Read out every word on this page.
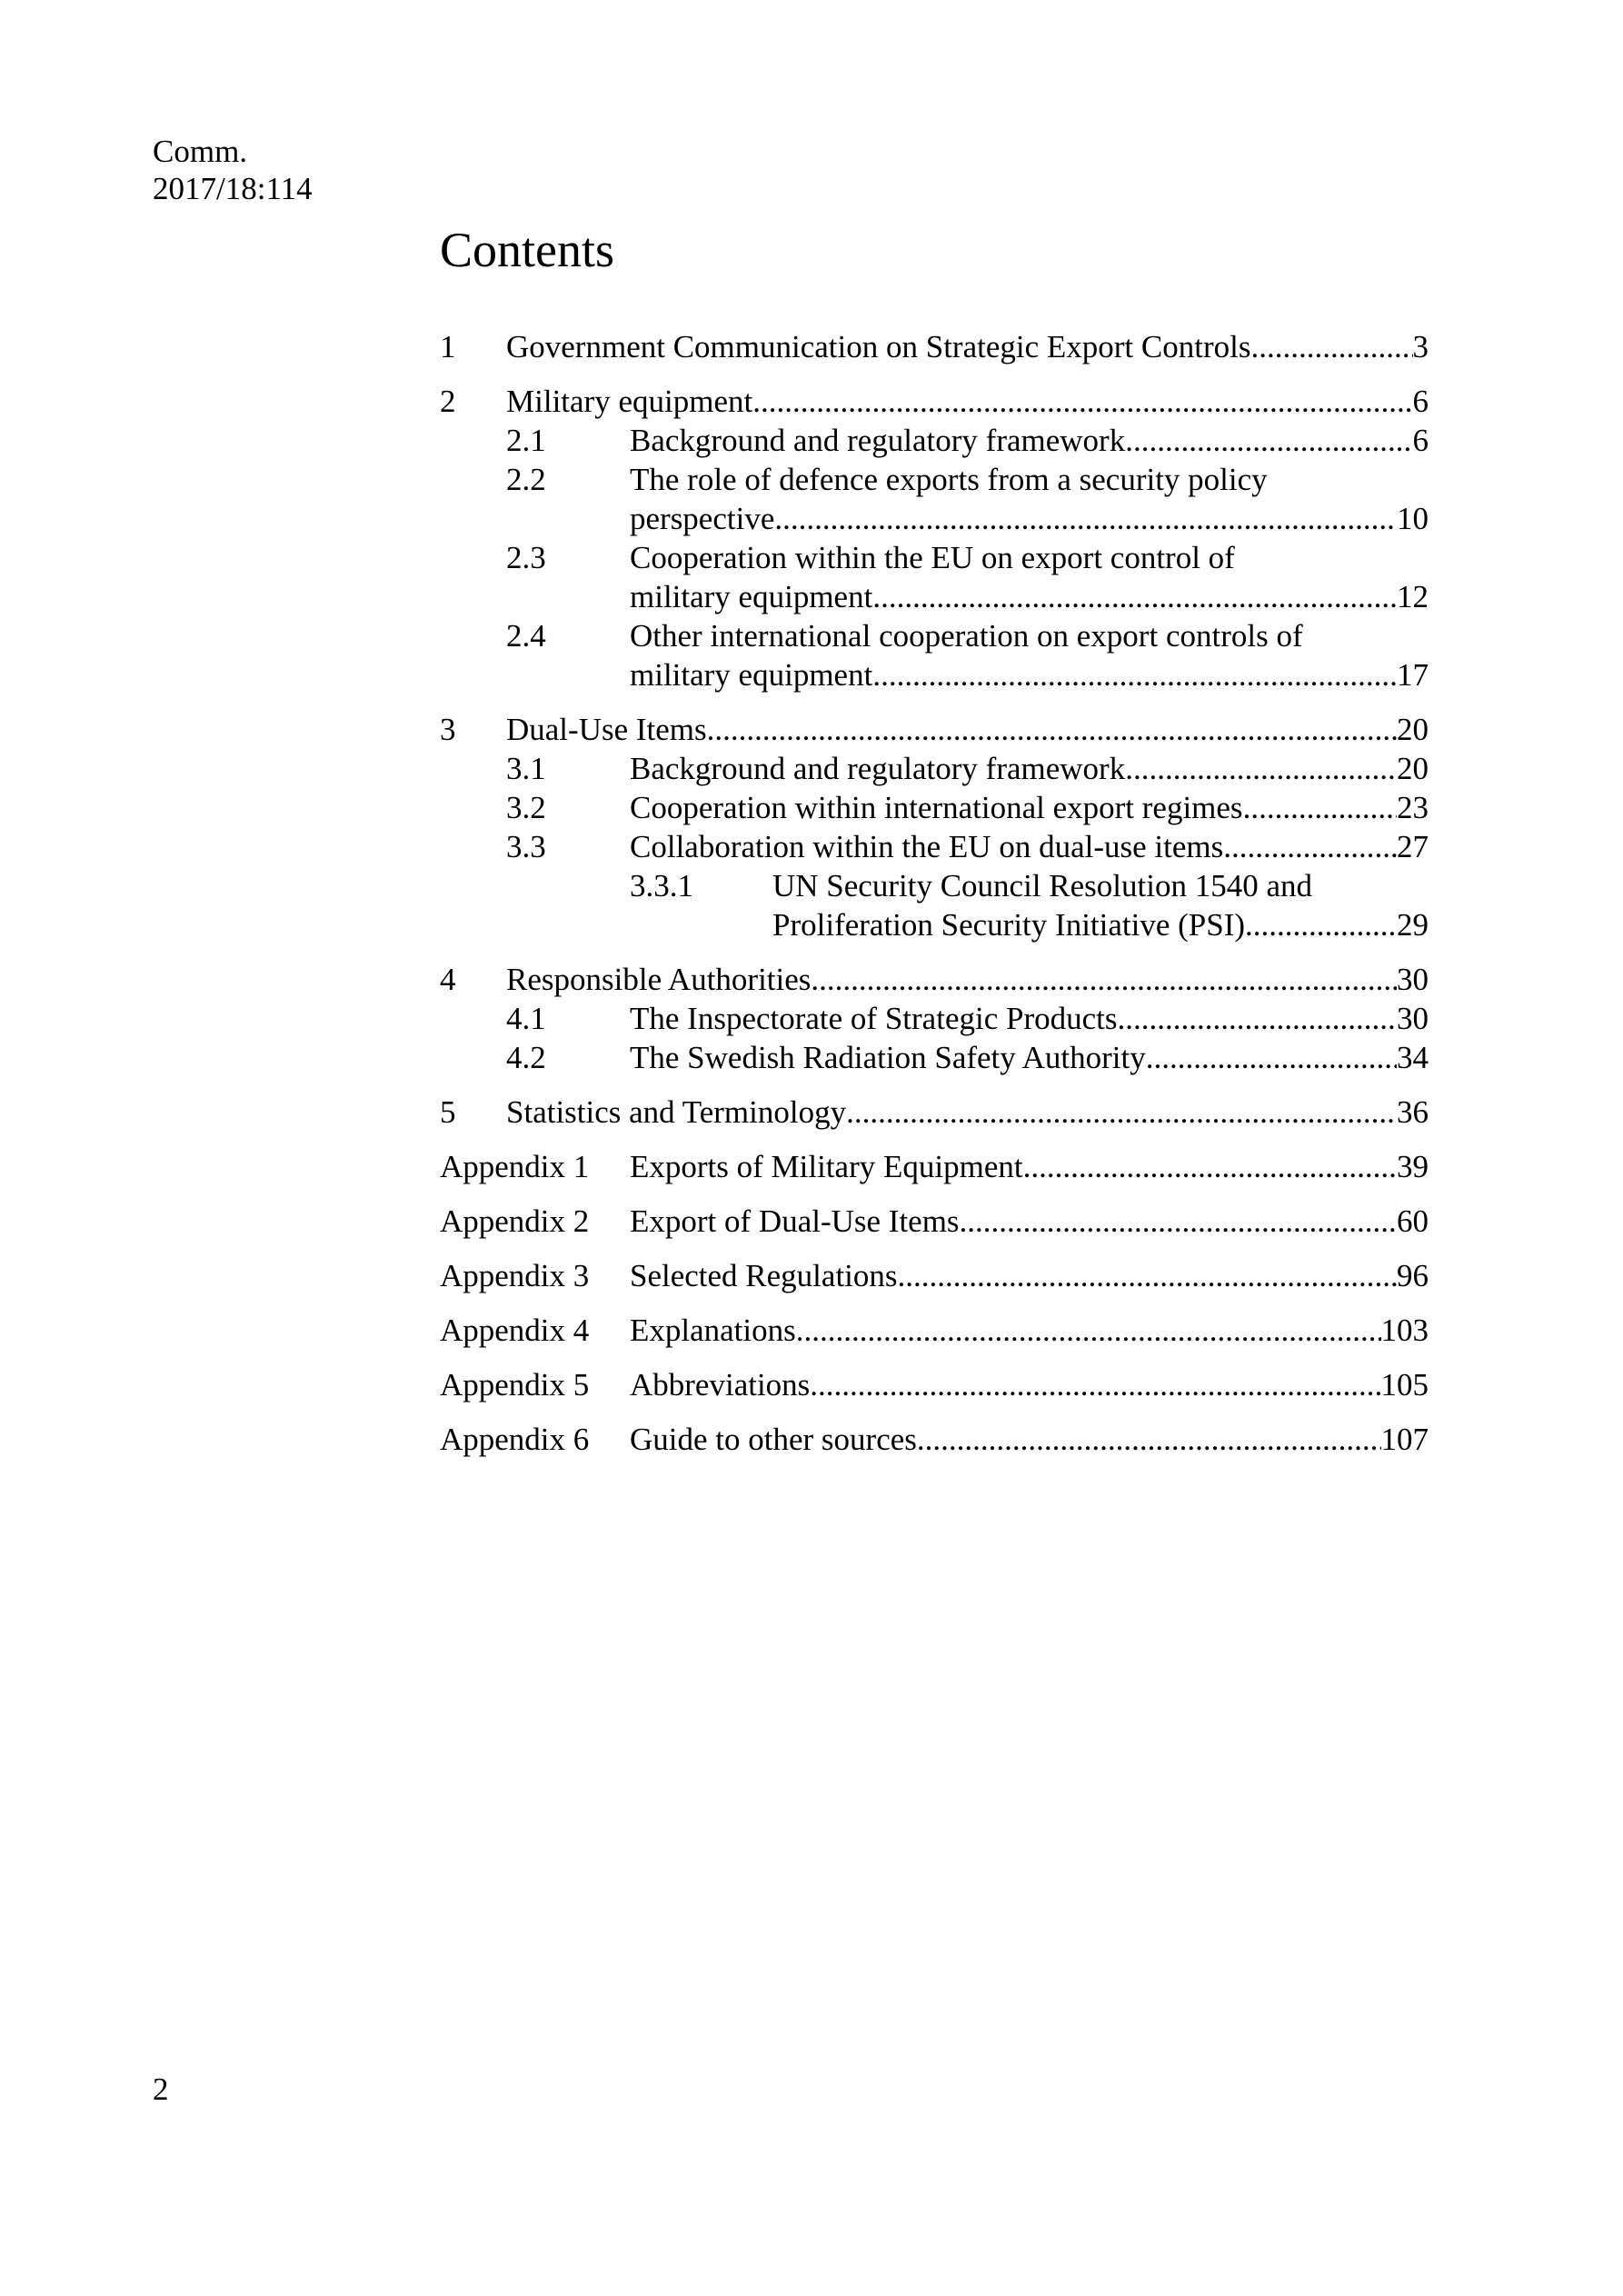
Comm.
2017/18:114
Contents
1 Government Communication on Strategic Export Controls .....	3
2 Military equipment .....	6
2.1	Background and regulatory framework .....	6
2.2	The role of defence exports from a security policy
perspective .....	10
2.3	Cooperation within the EU on export control of
military equipment .....	12
2.4	Other international cooperation on export controls of
military equipment .....	17
3 Dual-Use Items .....	20
3.1	Background and regulatory framework .....	20
3.2	Cooperation within international export regimes .....	23
3.3	Collaboration within the EU on dual-use items .....	27
3.3.1 UN Security Council Resolution 1540 and
Proliferation Security Initiative (PSI) .....	29
4 Responsible Authorities .....	30
4.1	The Inspectorate of Strategic Products .....	30
4.2	The Swedish Radiation Safety Authority .....	34
5 Statistics and Terminology .....	36
Appendix 1 Exports of Military Equipment .....	39
Appendix 2 Export of Dual-Use Items .....	60
Appendix 3 Selected Regulations .....	96
Appendix 4 Explanations .....	103
Appendix 5 Abbreviations .....	105
Appendix 6 Guide to other sources .....	107
2
